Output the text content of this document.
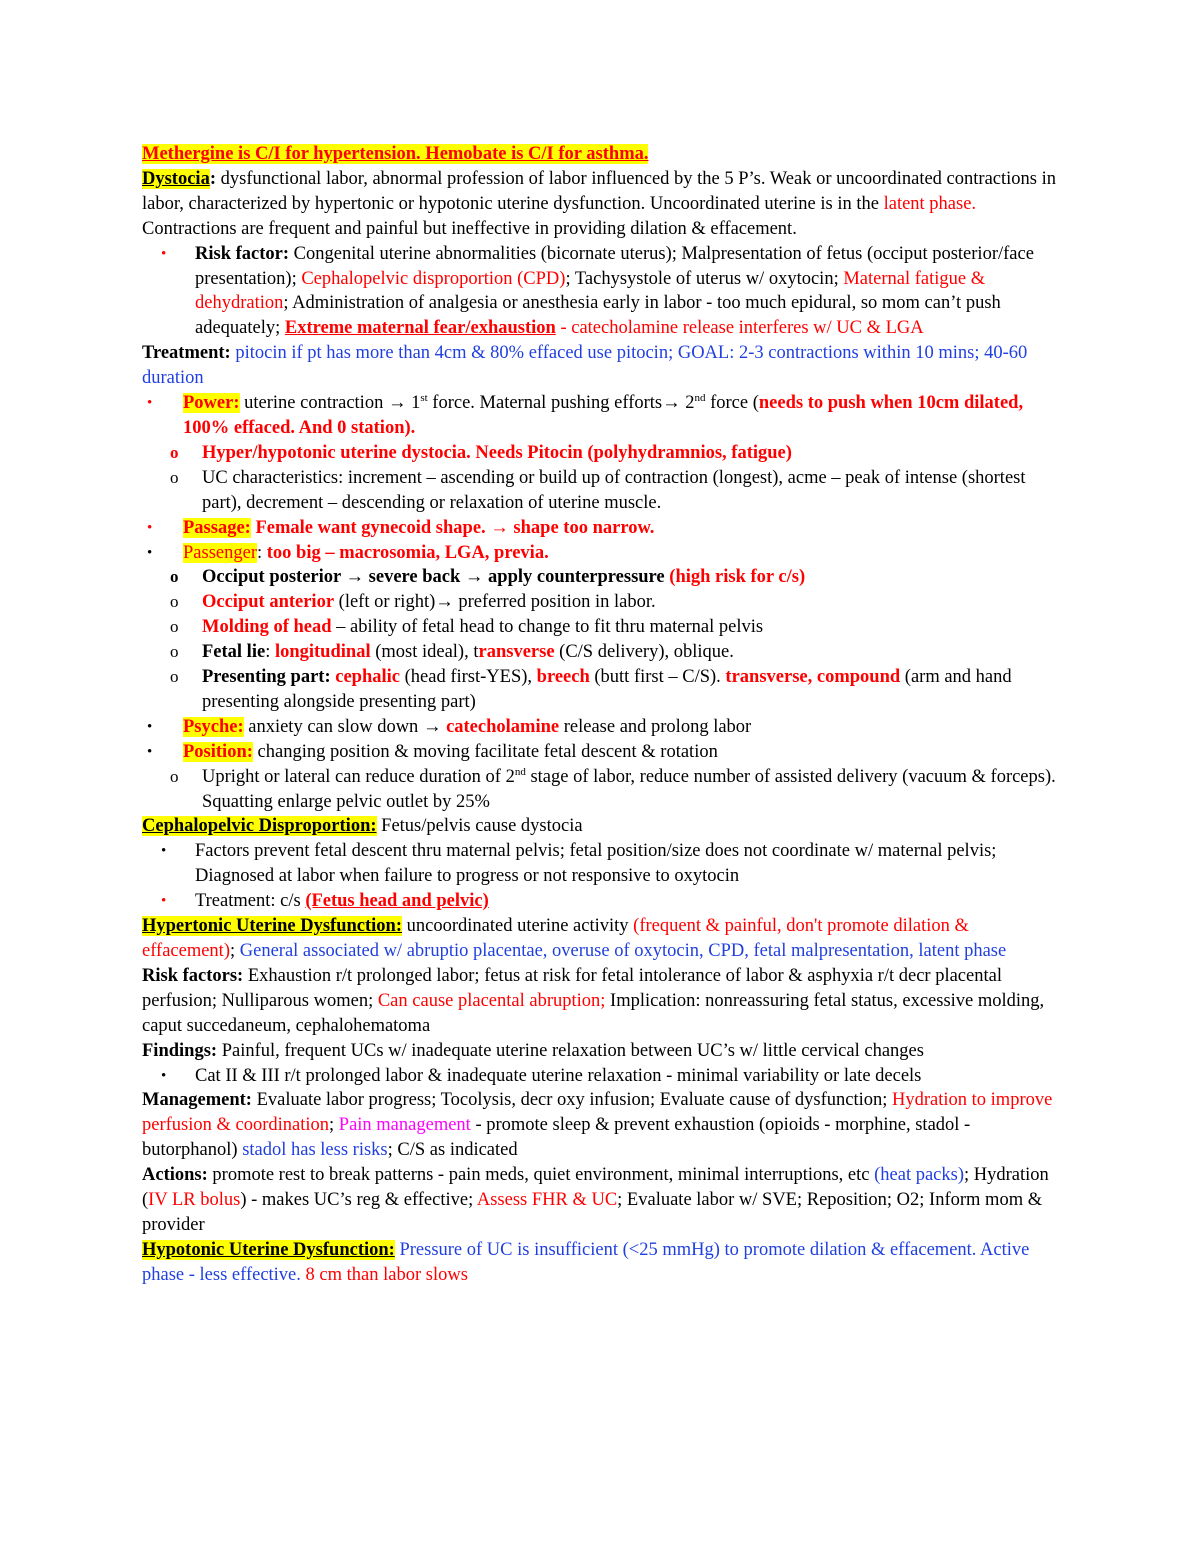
Methergine is C/I for hypertension. Hemobate is C/I for asthma.

Dystocia: dysfunctional labor, abnormal profession of labor influenced by the 5 P’s. Weak or uncoordinated contractions in labor, characterized by hypertonic or hypotonic uterine dysfunction. Uncoordinated uterine is in the latent phase. Contractions are frequent and painful but ineffective in providing dilation & effacement.

• Risk factor: Congenital uterine abnormalities (bicornate uterus); Malpresentation of fetus (occiput posterior/face presentation); Cephalopelvic disproportion (CPD); Tachysystole of uterus w/ oxytocin; Maternal fatigue & dehydration; Administration of analgesia or anesthesia early in labor - too much epidural, so mom can’t push adequately; Extreme maternal fear/exhaustion - catecholamine release interferes w/ UC & LGA

Treatment: pitocin if pt has more than 4cm & 80% effaced use pitocin; GOAL: 2-3 contractions within 10 mins; 40-60 duration

• Power: uterine contraction → 1st force. Maternal pushing efforts→ 2nd force (needs to push when 10cm dilated, 100% effaced. And 0 station).
o Hyper/hypotonic uterine dystocia. Needs Pitocin (polyhydramnios, fatigue)
o UC characteristics: increment – ascending or build up of contraction (longest), acme – peak of intense (shortest part), decrement – descending or relaxation of uterine muscle.
• Passage: Female want gynecoid shape. → shape too narrow.
• Passenger: too big – macrosomia, LGA, previa.
o Occiput posterior → severe back → apply counterpressure (high risk for c/s)
o Occiput anterior (left or right)→ preferred position in labor.
o Molding of head – ability of fetal head to change to fit thru maternal pelvis
o Fetal lie: longitudinal (most ideal), transverse (C/S delivery), oblique.
o Presenting part: cephalic (head first-YES), breech (butt first – C/S). transverse, compound (arm and hand presenting alongside presenting part)
• Psyche: anxiety can slow down → catecholamine release and prolong labor
• Position: changing position & moving facilitate fetal descent & rotation
o Upright or lateral can reduce duration of 2nd stage of labor, reduce number of assisted delivery (vacuum & forceps). Squatting enlarge pelvic outlet by 25%

Cephalopelvic Disproportion: Fetus/pelvis cause dystocia

• Factors prevent fetal descent thru maternal pelvis; fetal position/size does not coordinate w/ maternal pelvis; Diagnosed at labor when failure to progress or not responsive to oxytocin
• Treatment: c/s (Fetus head and pelvic)

Hypertonic Uterine Dysfunction: uncoordinated uterine activity (frequent & painful, don't promote dilation & effacement); General associated w/ abruptio placentae, overuse of oxytocin, CPD, fetal malpresentation, latent phase

Risk factors: Exhaustion r/t prolonged labor; fetus at risk for fetal intolerance of labor & asphyxia r/t decr placental perfusion; Nulliparous women; Can cause placental abruption; Implication: nonreassuring fetal status, excessive molding, caput succedaneum, cephalohematoma

Findings: Painful, frequent UCs w/ inadequate uterine relaxation between UC’s w/ little cervical changes

• Cat II & III r/t prolonged labor & inadequate uterine relaxation - minimal variability or late decels

Management: Evaluate labor progress; Tocolysis, decr oxy infusion; Evaluate cause of dysfunction; Hydration to improve perfusion & coordination; Pain management - promote sleep & prevent exhaustion (opioids - morphine, stadol - butorphanol) stadol has less risks; C/S as indicated

Actions: promote rest to break patterns - pain meds, quiet environment, minimal interruptions, etc (heat packs); Hydration (IV LR bolus) - makes UC’s reg & effective; Assess FHR & UC; Evaluate labor w/ SVE; Reposition; O2; Inform mom & provider

Hypotonic Uterine Dysfunction: Pressure of UC is insufficient (<25 mmHg) to promote dilation & effacement. Active phase - less effective. 8 cm than labor slows
